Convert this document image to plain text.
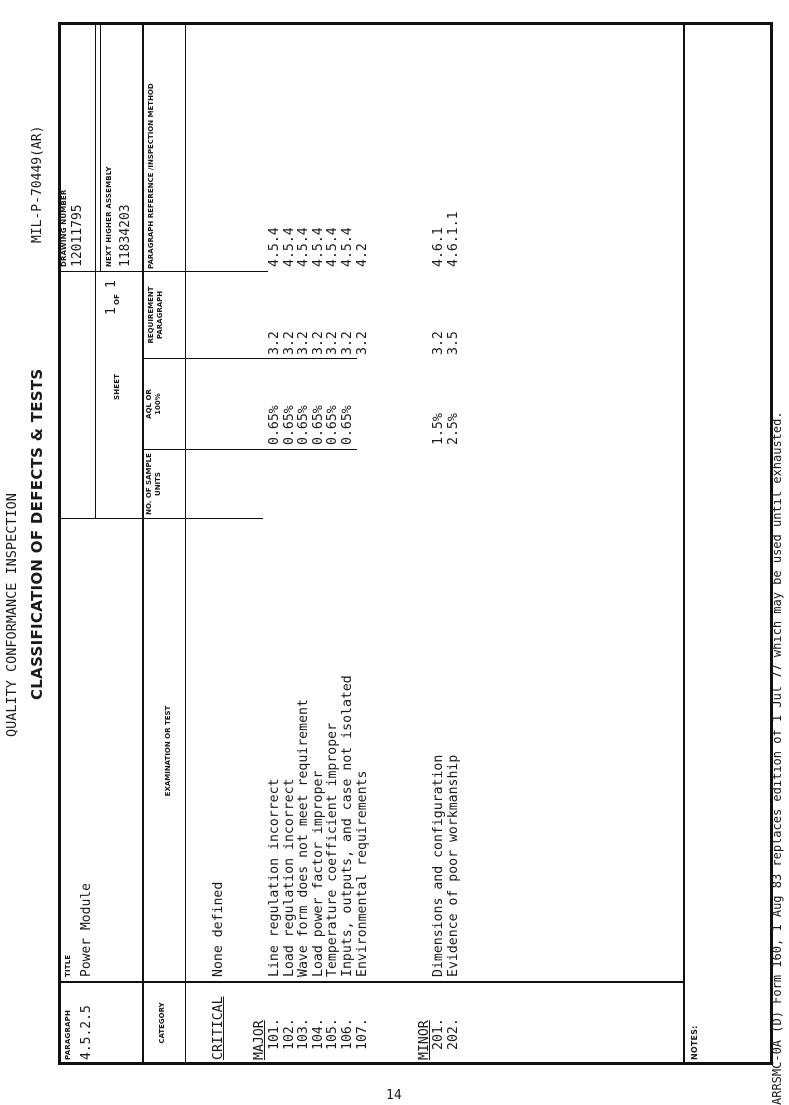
QUALITY CONFORMANCE INSPECTION CLASSIFICATION OF DEFECTS & TESTS
MIL-P-70449(AR)
PARAGRAPH 4.5.2.5
TITLE Power Module
SHEET
1
OF
1
DRAWING NUMBER 12011795	NEXT HIGHER ASSEMBLY 11834203
CATEGORY
EXAMINATION OR TEST
NO. OF SAMPLE UNITS
AQL OR 100%
REQUIREMENT PARAGRAPH
PARAGRAPH REFERENCE /INSPECTION METHOD
CRITICAL
None defined
MAJOR 101.
Line regulation incorrect
0.65%
3.2
4.5.4
102.
Load regulation incorrect
0.65%
3.2
4.5.4
103.
Wave form does not meet requirement
0.65%
3.2
4.5.4
104.
Load power factor improper
0.65%
3.2
4.5.4
105.
Temperature coefficient improper
0.65%
3.2
4.5.4
106.
Inputs, outputs, and case not isolated
0.65%
3.2
4.5.4
107.
Environmental requirements
3.2
4.2
MINOR 201.
Dimensions and configuration
1.5%
3.2
4.6.1
202.
Evidence of poor workmanship
2.5%
3.5
4.6.1.1
NOTES:	ARRSMC-0A (D) Form 160, 1 Aug 83 replaces edition of 1 Jul 77 which may be used until exhausted.
14
